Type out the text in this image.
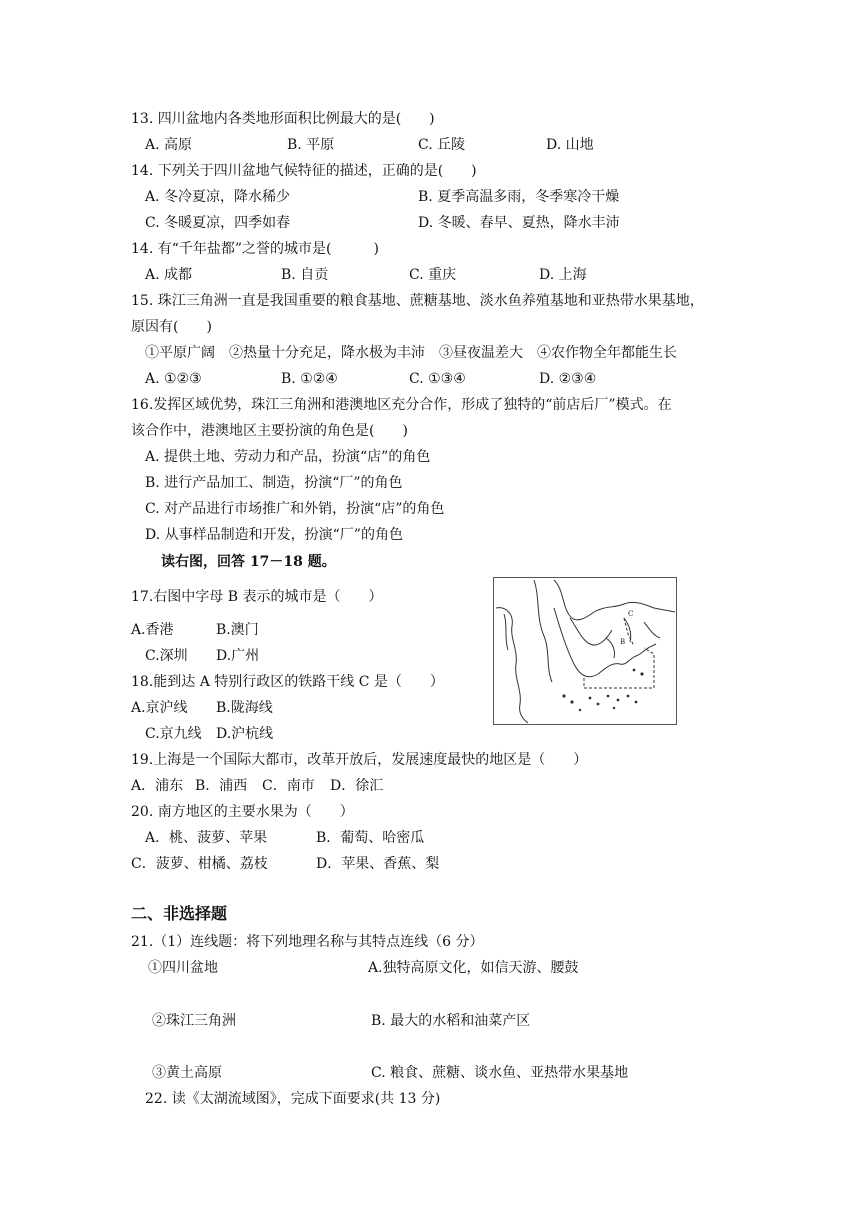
13. 四川盆地内各类地形面积比例最大的是(　　)
A. 高原	B. 平原	C. 丘陵	D. 山地
14. 下列关于四川盆地气候特征的描述，正确的是(　　)
A. 冬冷夏凉，降水稀少	B. 夏季高温多雨，冬季寒冷干燥
C. 冬暖夏凉，四季如春	D. 冬暖、春早、夏热，降水丰沛
14. 有“千年盐都”之誉的城市是(　　　)
A. 成都	B. 自贡	C. 重庆	D. 上海
15. 珠江三角洲一直是我国重要的粮食基地、蔗糖基地、淡水鱼养殖基地和亚热带水果基地，
原因有(　　)
①平原广阔　②热量十分充足，降水极为丰沛　③昼夜温差大　④农作物全年都能生长
A. ①②③	B. ①②④	C. ①③④	D. ②③④
16.发挥区域优势，珠江三角洲和港澳地区充分合作，形成了独特的“前店后厂”模式。在
该合作中，港澳地区主要扮演的角色是(　　)
A. 提供土地、劳动力和产品，扮演“店”的角色
B. 进行产品加工、制造，扮演“厂”的角色
C. 对产品进行市场推广和外销，扮演“店”的角色
D. 从事样品制造和开发，扮演“厂”的角色
读右图，回答 17－18 题。
17.右图中字母 B 表示的城市是（　　）
A.香港	B.澳门
C.深圳 D.广州
18.能到达 A 特别行政区的铁路干线 C 是（　　）
A.京沪线 B.陇海线
C.京九线 D.沪杭线
B
C
19.上海是一个国际大都市，改革开放后，发展速度最快的地区是（　　）
A．浦东 B．浦西 C．南市 D．徐汇
20. 南方地区的主要水果为（　　）
A．桃、菠萝、苹果	B．葡萄、哈密瓜
C．菠萝、柑橘、荔枝	D．苹果、香蕉、梨
二、非选择题
21.（1）连线题：将下列地理名称与其特点连线（6 分）
①四川盆地	A.独特高原文化，如信天游、腰鼓
②珠江三角洲	B. 最大的水稻和油菜产区
③黄土高原	C. 粮食、蔗糖、谈水鱼、亚热带水果基地
22. 读《太湖流域图》，完成下面要求(共 13 分)
